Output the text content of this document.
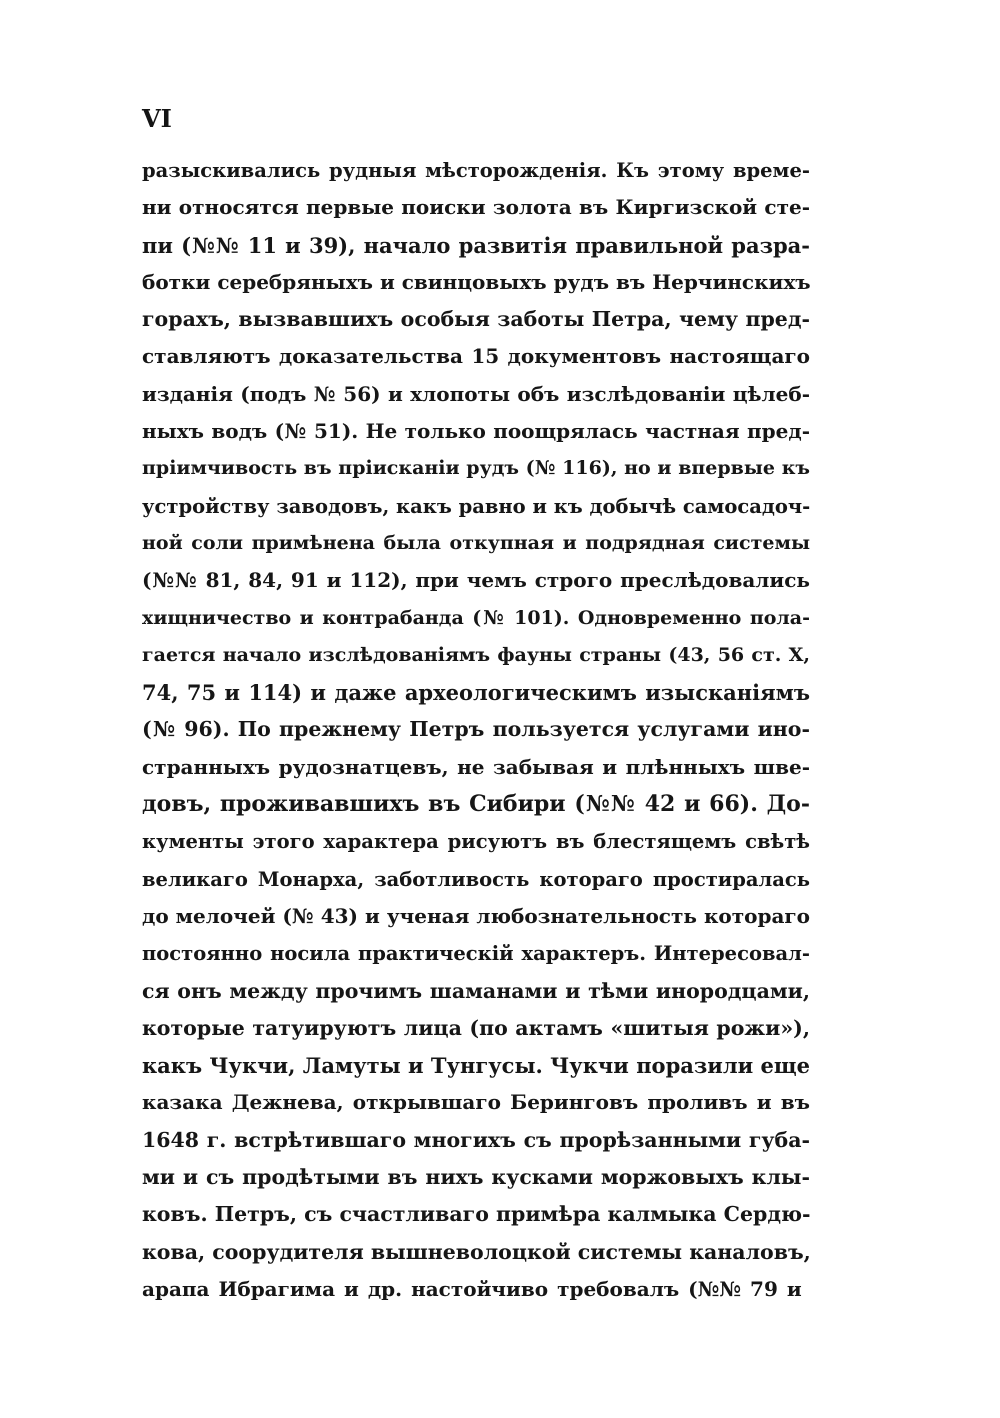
VI
разыскивались рудныя мѣсторожденія. Къ этому време-
ни относятся первые поиски золота въ Киргизской сте-
пи (№№ 11 и 39), начало развитія правильной разра-
ботки серебряныхъ и свинцовыхъ рудъ въ Нерчинскихъ
горахъ, вызвавшихъ особыя заботы Петра, чему пред-
ставляютъ доказательства 15 документовъ настоящаго
изданія (подъ № 56) и хлопоты объ изслѣдованіи цѣлеб-
ныхъ водъ (№ 51). Не только поощрялась частная пред-
пріимчивость въ пріисканіи рудъ (№ 116), но и впервые къ
устройству заводовъ, какъ равно и къ добычѣ самосадоч-
ной соли примѣнена была откупная и подрядная системы
(№№ 81, 84, 91 и 112), при чемъ строго преслѣдовались
хищничество и контрабанда (№ 101). Одновременно пола-
гается начало изслѣдованіямъ фауны страны (43, 56 ст. X,
74, 75 и 114) и даже археологическимъ изысканіямъ
(№ 96). По прежнему Петръ пользуется услугами ино-
странныхъ рудознатцевъ, не забывая и плѣнныхъ шве-
довъ, проживавшихъ въ Сибири (№№ 42 и 66). До-
кументы этого характера рисуютъ въ блестящемъ свѣтѣ
великаго Монарха, заботливость котораго простиралась
до мелочей (№ 43) и ученая любознательность котораго
постоянно носила практическій характеръ. Интересовал-
ся онъ между прочимъ шаманами и тѣми инородцами,
которые татуируютъ лица (по актамъ «шитыя рожи»),
какъ Чукчи, Ламуты и Тунгусы. Чукчи поразили еще
казака Дежнева, открывшаго Беринговъ проливъ и въ
1648 г. встрѣтившаго многихъ съ прорѣзанными губа-
ми и съ продѣтыми въ нихъ кусками моржовыхъ клы-
ковъ. Петръ, съ счастливаго примѣра калмыка Сердю-
кова, соорудителя вышневолоцкой системы каналовъ,
арапа Ибрагима и др. настойчиво требовалъ (№№ 79 и
